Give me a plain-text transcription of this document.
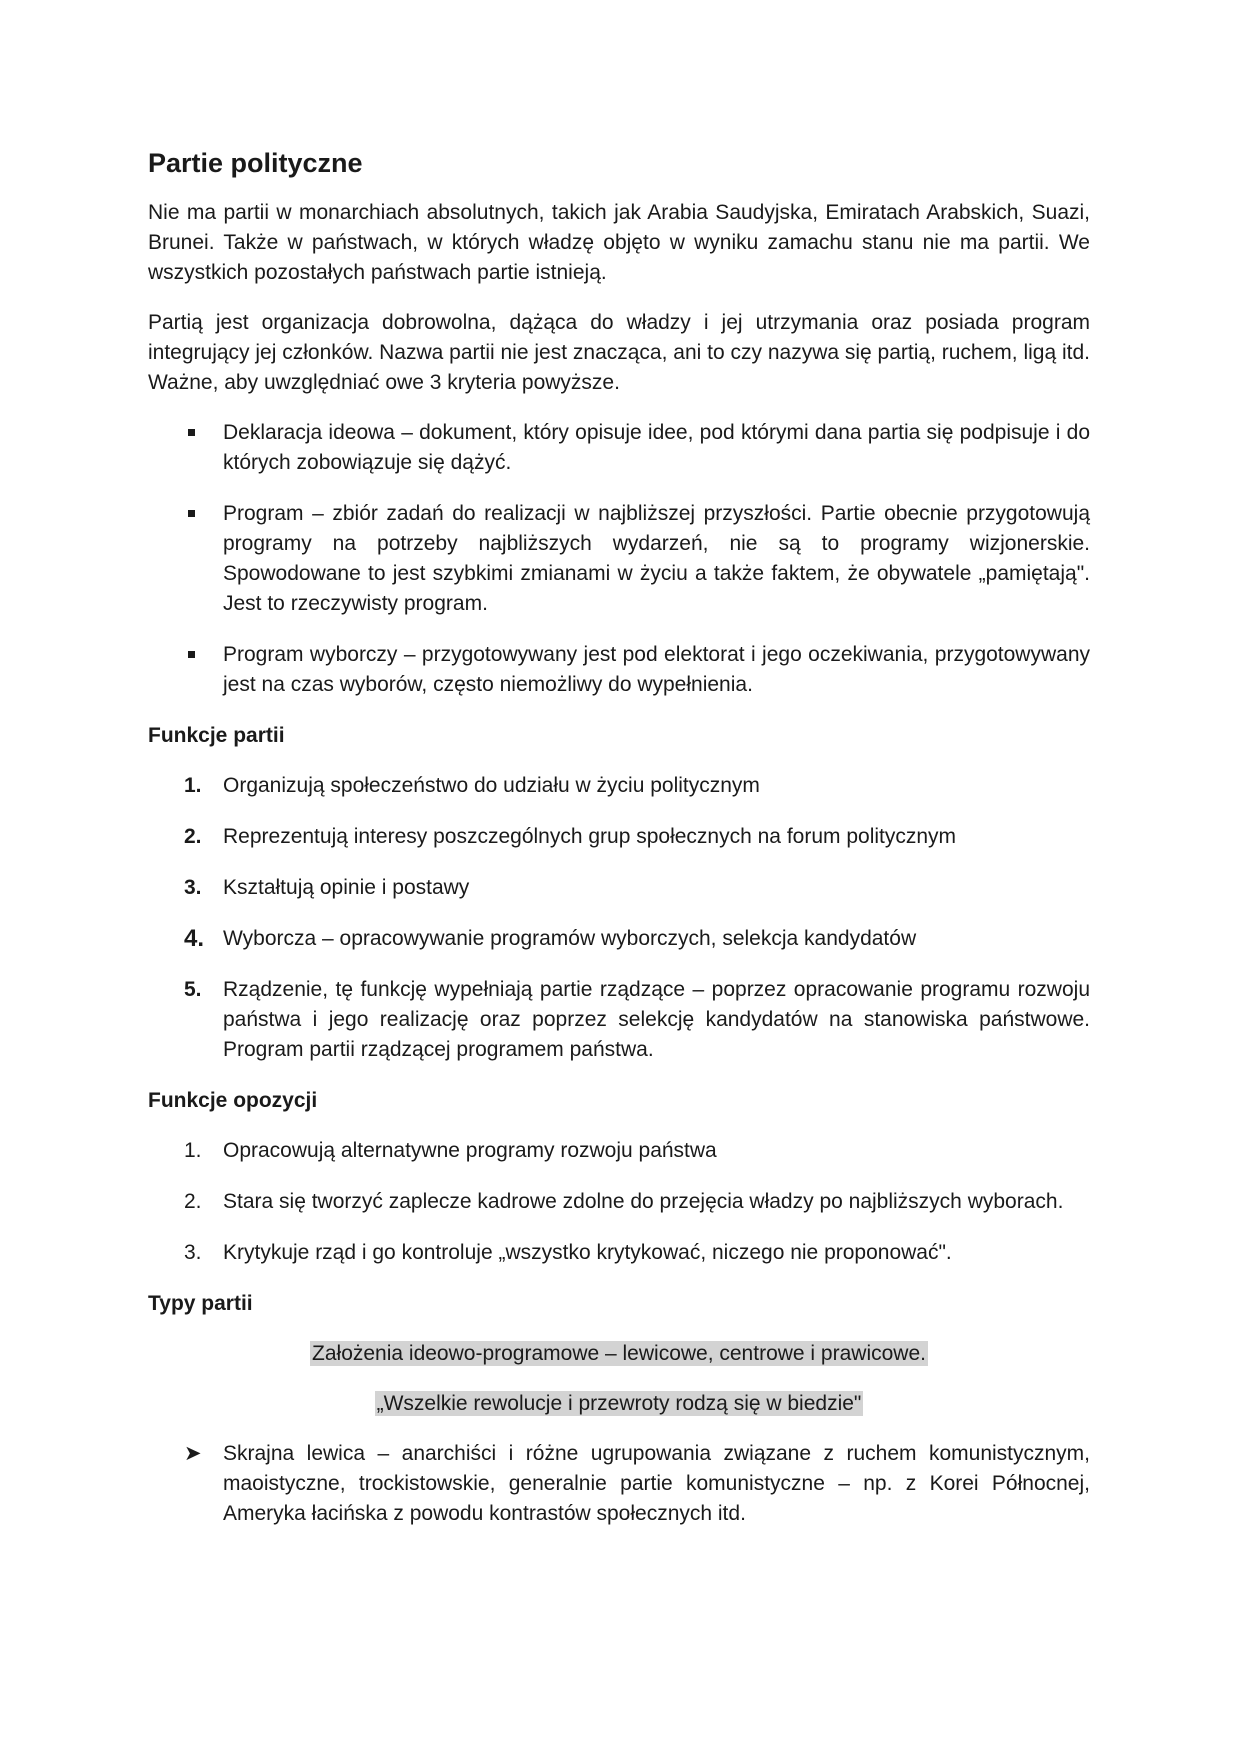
Partie polityczne

Nie ma partii w monarchiach absolutnych, takich jak Arabia Saudyjska, Emiratach Arabskich, Suazi, Brunei. Także w państwach, w których władzę objęto w wyniku zamachu stanu nie ma partii. We wszystkich pozostałych państwach partie istnieją.

Partią jest organizacja dobrowolna, dążąca do władzy i jej utrzymania oraz posiada program integrujący jej członków. Nazwa partii nie jest znacząca, ani to czy nazywa się partią, ruchem, ligą itd. Ważne, aby uwzględniać owe 3 kryteria powyższe.

Deklaracja ideowa – dokument, który opisuje idee, pod którymi dana partia się podpisuje i do których zobowiązuje się dążyć.
Program – zbiór zadań do realizacji w najbliższej przyszłości. Partie obecnie przygotowują programy na potrzeby najbliższych wydarzeń, nie są to programy wizjonerskie. Spowodowane to jest szybkimi zmianami w życiu a także faktem, że obywatele „pamiętają". Jest to rzeczywisty program.
Program wyborczy – przygotowywany jest pod elektorat i jego oczekiwania, przygotowywany jest na czas wyborów, często niemożliwy do wypełnienia.
Funkcje partii
1.	Organizują społeczeństwo do udziału w życiu politycznym
2.	Reprezentują interesy poszczególnych grup społecznych na forum politycznym
3.	Kształtują opinie i postawy
4. Wyborcza – opracowywanie programów wyborczych, selekcja kandydatów
5.	Rządzenie, tę funkcję wypełniają partie rządzące – poprzez opracowanie programu rozwoju państwa i jego realizację oraz poprzez selekcję kandydatów na stanowiska państwowe. Program partii rządzącej programem państwa.
Funkcje opozycji
1.	Opracowują alternatywne programy rozwoju państwa
2.	Stara się tworzyć zaplecze kadrowe zdolne do przejęcia władzy po najbliższych wyborach.
3.	Krytykuje rząd i go kontroluje „wszystko krytykować, niczego nie proponować".
Typy partii
Założenia ideowo-programowe – lewicowe, centrowe i prawicowe.
„Wszelkie rewolucje i przewroty rodzą się w biedzie"
➤ Skrajna lewica – anarchiści i różne ugrupowania związane z ruchem komunistycznym, maoistyczne, trockistowskie, generalnie partie komunistyczne – np. z Korei Północnej, Ameryka łacińska z powodu kontrastów społecznych itd.
